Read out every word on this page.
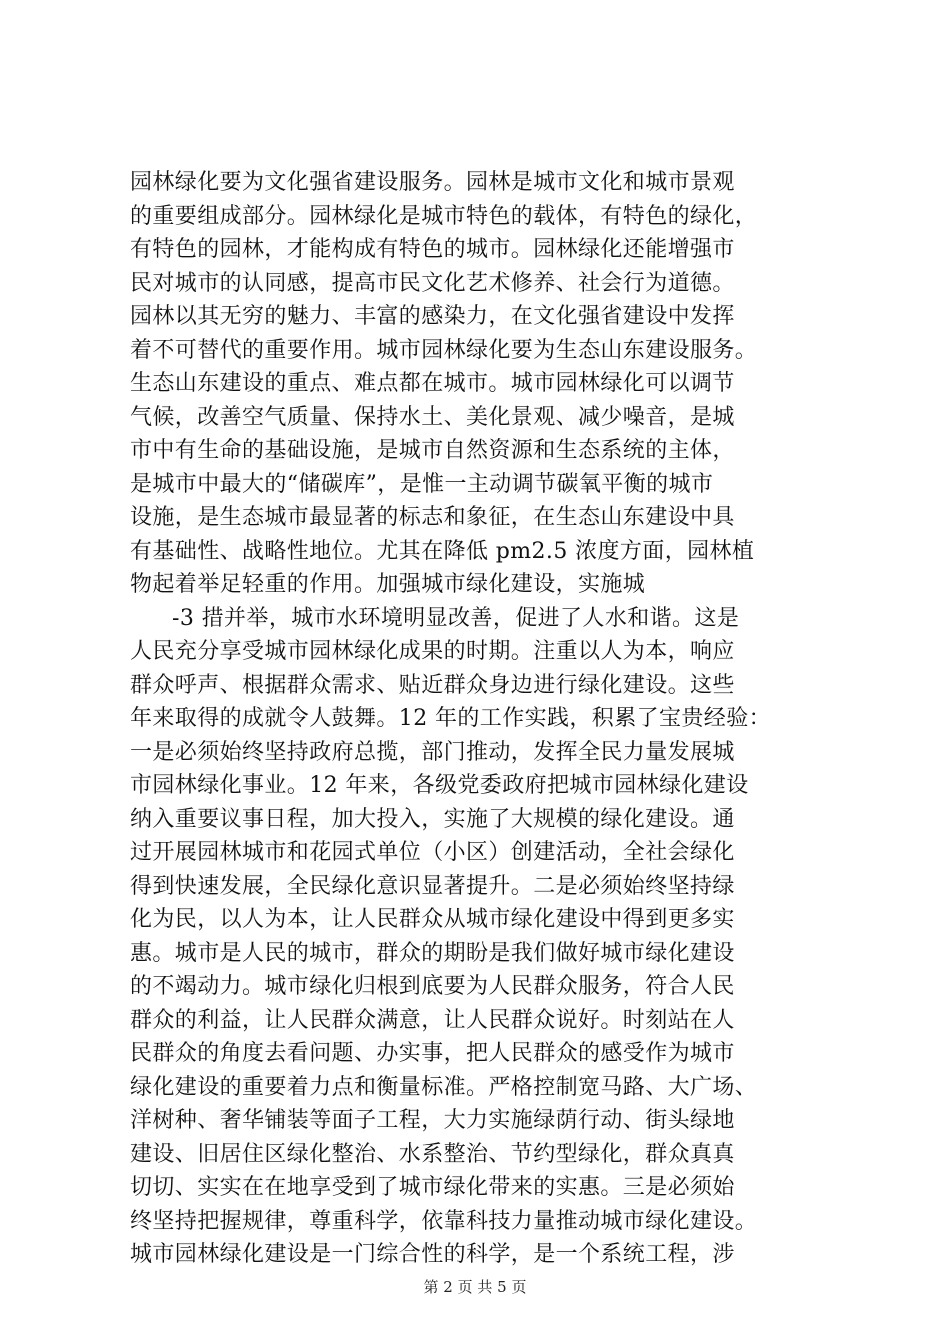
园林绿化要为文化强省建设服务。园林是城市文化和城市景观
的重要组成部分。园林绿化是城市特色的载体，有特色的绿化，
有特色的园林，才能构成有特色的城市。园林绿化还能增强市
民对城市的认同感，提高市民文化艺术修养、社会行为道德。
园林以其无穷的魅力、丰富的感染力，在文化强省建设中发挥
着不可替代的重要作用。城市园林绿化要为生态山东建设服务。
生态山东建设的重点、难点都在城市。城市园林绿化可以调节
气候，改善空气质量、保持水土、美化景观、减少噪音，是城
市中有生命的基础设施，是城市自然资源和生态系统的主体，
是城市中最大的“储碳库”，是惟一主动调节碳氧平衡的城市
设施，是生态城市最显著的标志和象征，在生态山东建设中具
有基础性、战略性地位。尤其在降低 pm2.5 浓度方面，园林植
物起着举足轻重的作用。加强城市绿化建设，实施城
-3 措并举，城市水环境明显改善，促进了人水和谐。这是
人民充分享受城市园林绿化成果的时期。注重以人为本，响应
群众呼声、根据群众需求、贴近群众身边进行绿化建设。这些
年来取得的成就令人鼓舞。12 年的工作实践，积累了宝贵经验：
一是必须始终坚持政府总揽，部门推动，发挥全民力量发展城
市园林绿化事业。12 年来，各级党委政府把城市园林绿化建设
纳入重要议事日程，加大投入，实施了大规模的绿化建设。通
过开展园林城市和花园式单位（小区）创建活动，全社会绿化
得到快速发展，全民绿化意识显著提升。二是必须始终坚持绿
化为民，以人为本，让人民群众从城市绿化建设中得到更多实
惠。城市是人民的城市，群众的期盼是我们做好城市绿化建设
的不竭动力。城市绿化归根到底要为人民群众服务，符合人民
群众的利益，让人民群众满意，让人民群众说好。时刻站在人
民群众的角度去看问题、办实事，把人民群众的感受作为城市
绿化建设的重要着力点和衡量标准。严格控制宽马路、大广场、
洋树种、奢华铺装等面子工程，大力实施绿荫行动、街头绿地
建设、旧居住区绿化整治、水系整治、节约型绿化，群众真真
切切、实实在在地享受到了城市绿化带来的实惠。三是必须始
终坚持把握规律，尊重科学，依靠科技力量推动城市绿化建设。
城市园林绿化建设是一门综合性的科学，是一个系统工程，涉
第 2 页 共 5 页
